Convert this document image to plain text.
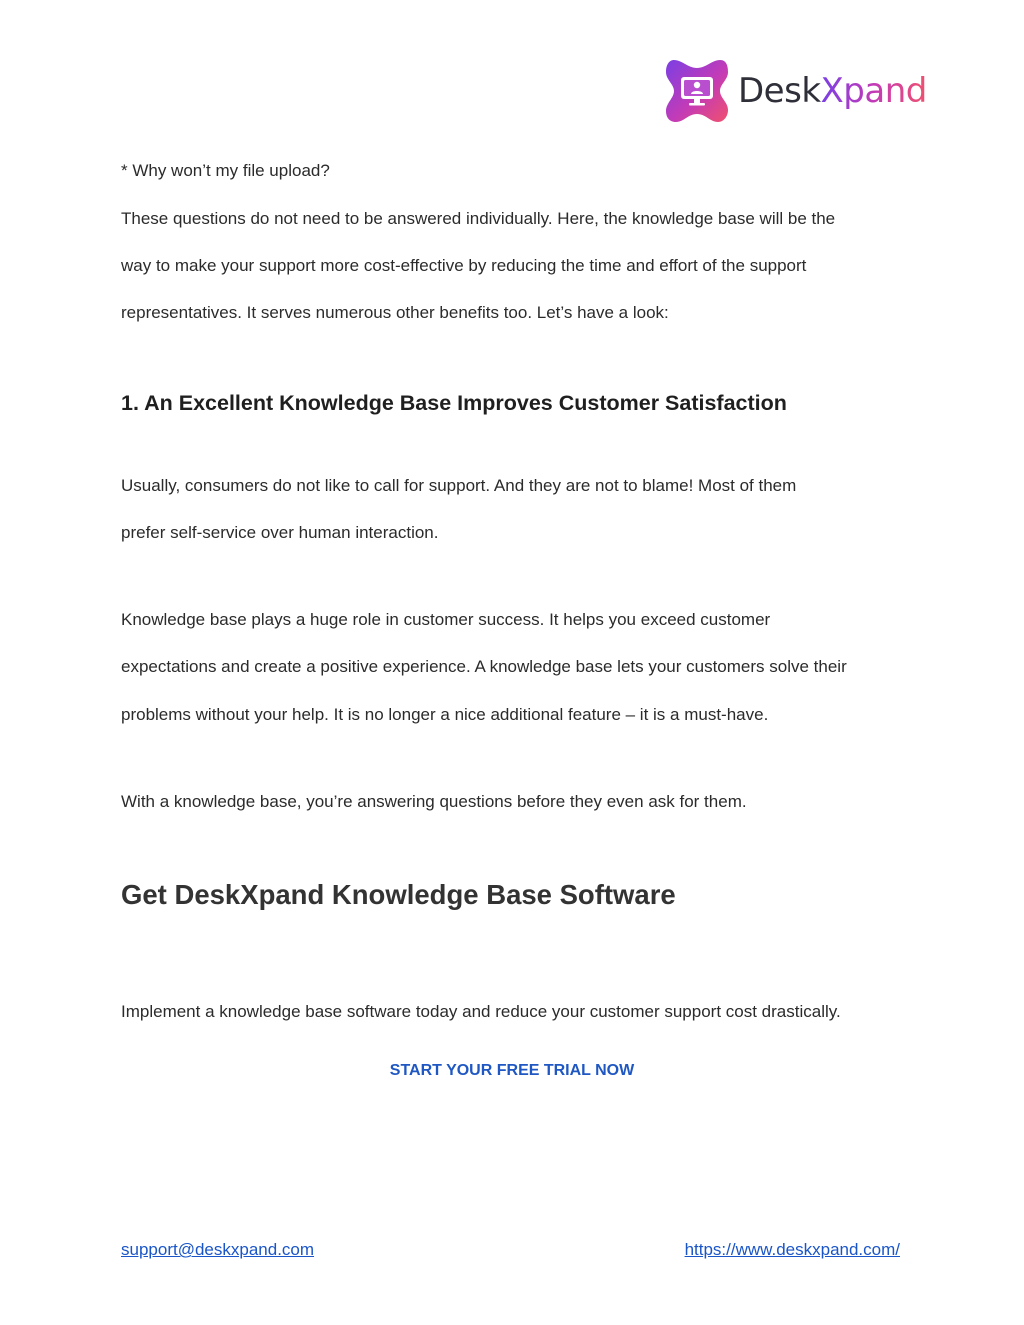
DeskXpand

* Why won’t my file upload?

These questions do not need to be answered individually. Here, the knowledge base will be the

way to make your support more cost-effective by reducing the time and effort of the support

representatives. It serves numerous other benefits too. Let’s have a look:

1. An Excellent Knowledge Base Improves Customer Satisfaction

Usually, consumers do not like to call for support. And they are not to blame! Most of them

prefer self-service over human interaction.

Knowledge base plays a huge role in customer success. It helps you exceed customer

expectations and create a positive experience. A knowledge base lets your customers solve their

problems without your help. It is no longer a nice additional feature – it is a must-have.

With a knowledge base, you’re answering questions before they even ask for them.

Get DeskXpand Knowledge Base Software

Implement a knowledge base software today and reduce your customer support cost drastically.

START YOUR FREE TRIAL NOW
support@deskxpand.com	https://www.deskxpand.com/
